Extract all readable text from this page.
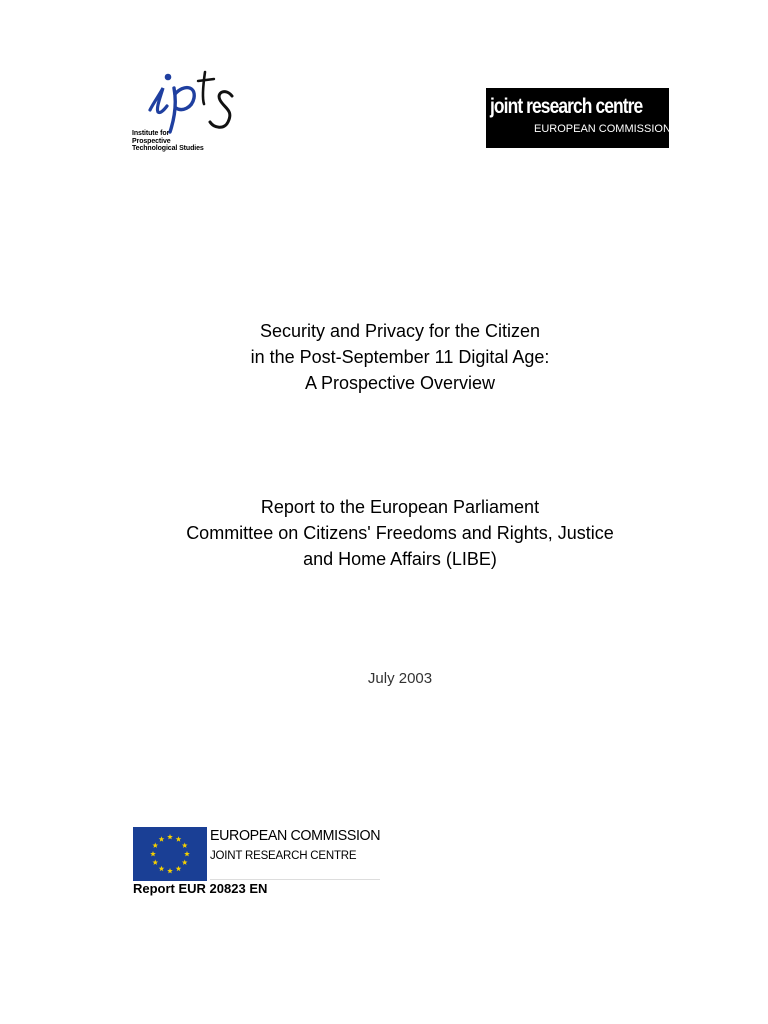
Institute for
Prospective
Technological Studies
joint research centre
EUROPEAN COMMISSION
Security and Privacy for the Citizen
in the Post-September 11 Digital Age:
A Prospective Overview
Report to the European Parliament
Committee on Citizens' Freedoms and Rights, Justice
and Home Affairs (LIBE)
July 2003
EUROPEAN COMMISSION
JOINT RESEARCH CENTRE
Report EUR 20823 EN
